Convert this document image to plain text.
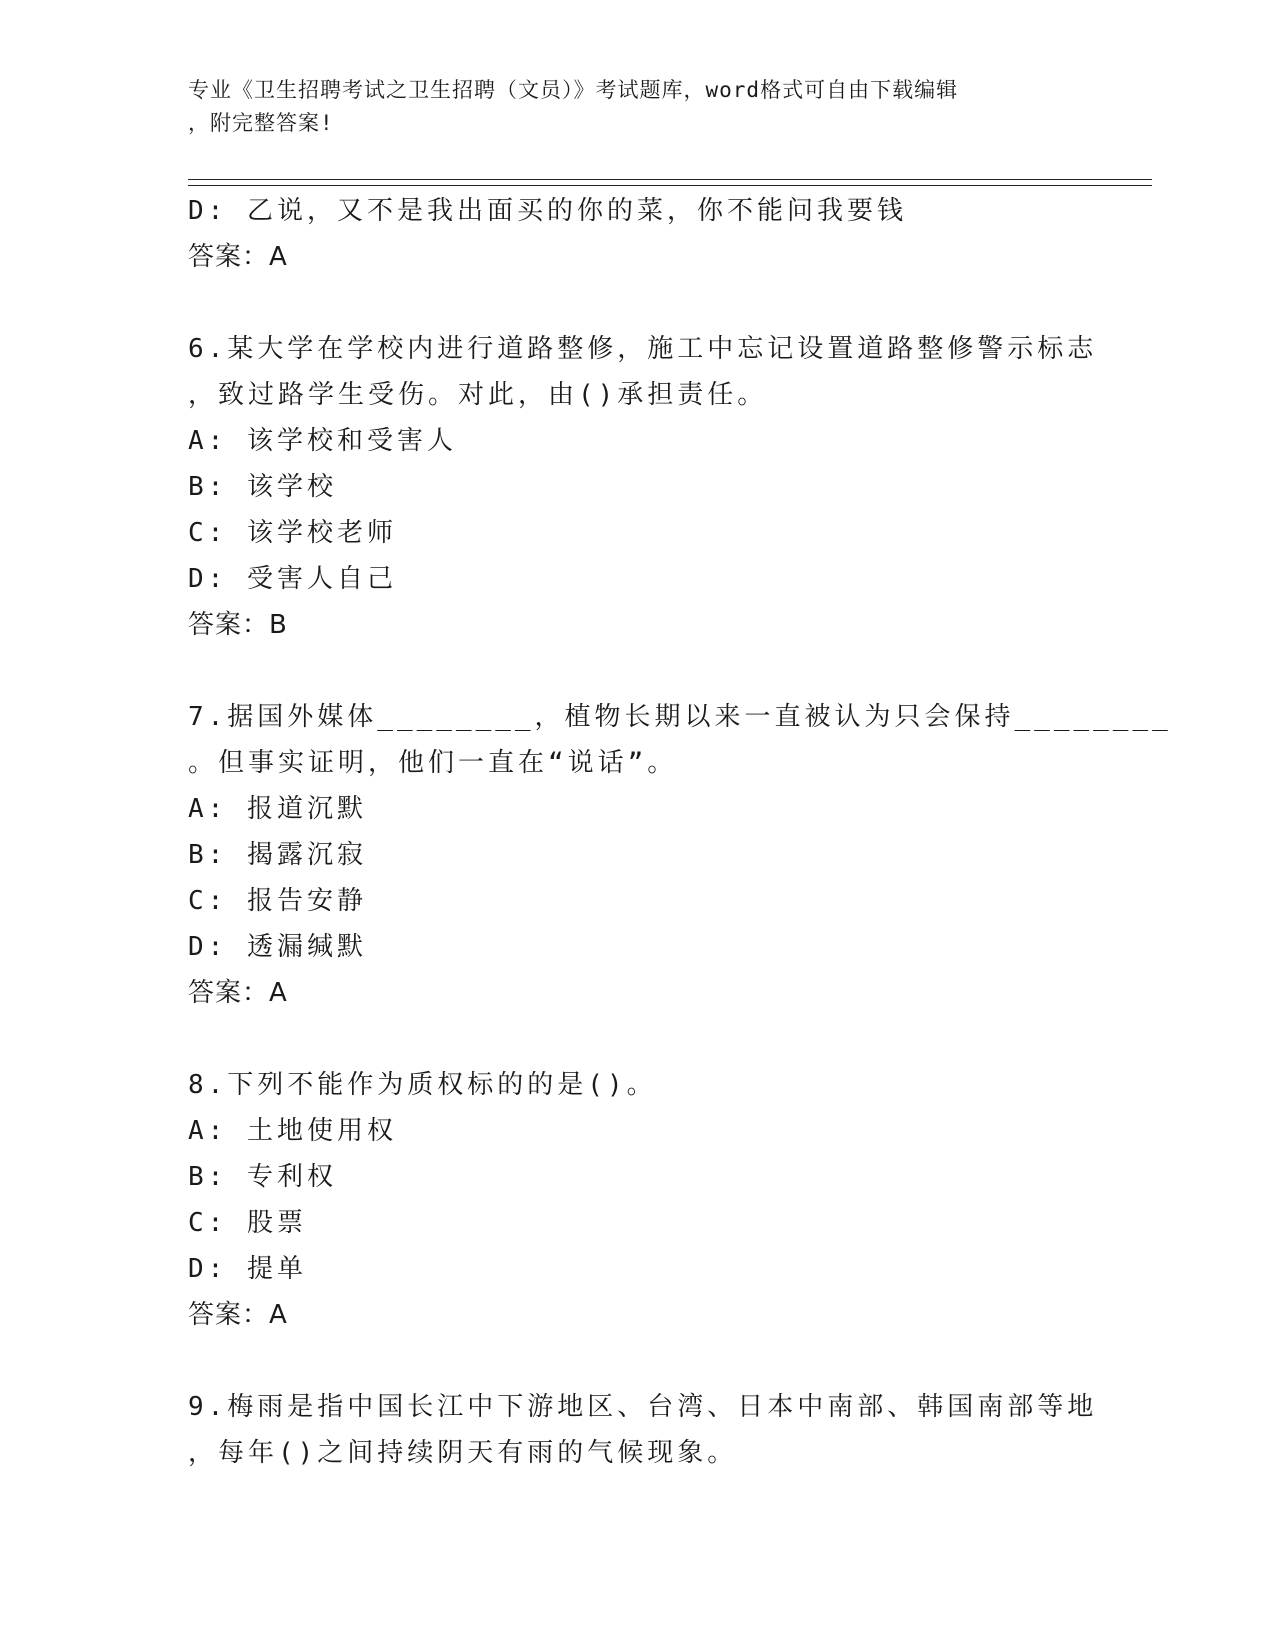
专业《卫生招聘考试之卫生招聘（文员）》考试题库，word格式可自由下载编辑
，附完整答案!
D: 乙说，又不是我出面买的你的菜，你不能问我要钱
答案：A
6.某大学在学校内进行道路整修，施工中忘记设置道路整修警示标志
，致过路学生受伤。对此，由()承担责任。
A: 该学校和受害人
B: 该学校
C: 该学校老师
D: 受害人自己
答案：B
7.据国外媒体________，植物长期以来一直被认为只会保持________
。但事实证明，他们一直在“说话”。
A: 报道沉默
B: 揭露沉寂
C: 报告安静
D: 透漏缄默
答案：A
8.下列不能作为质权标的的是()。
A: 土地使用权
B: 专利权
C: 股票
D: 提单
答案：A
9.梅雨是指中国长江中下游地区、台湾、日本中南部、韩国南部等地
，每年()之间持续阴天有雨的气候现象。
